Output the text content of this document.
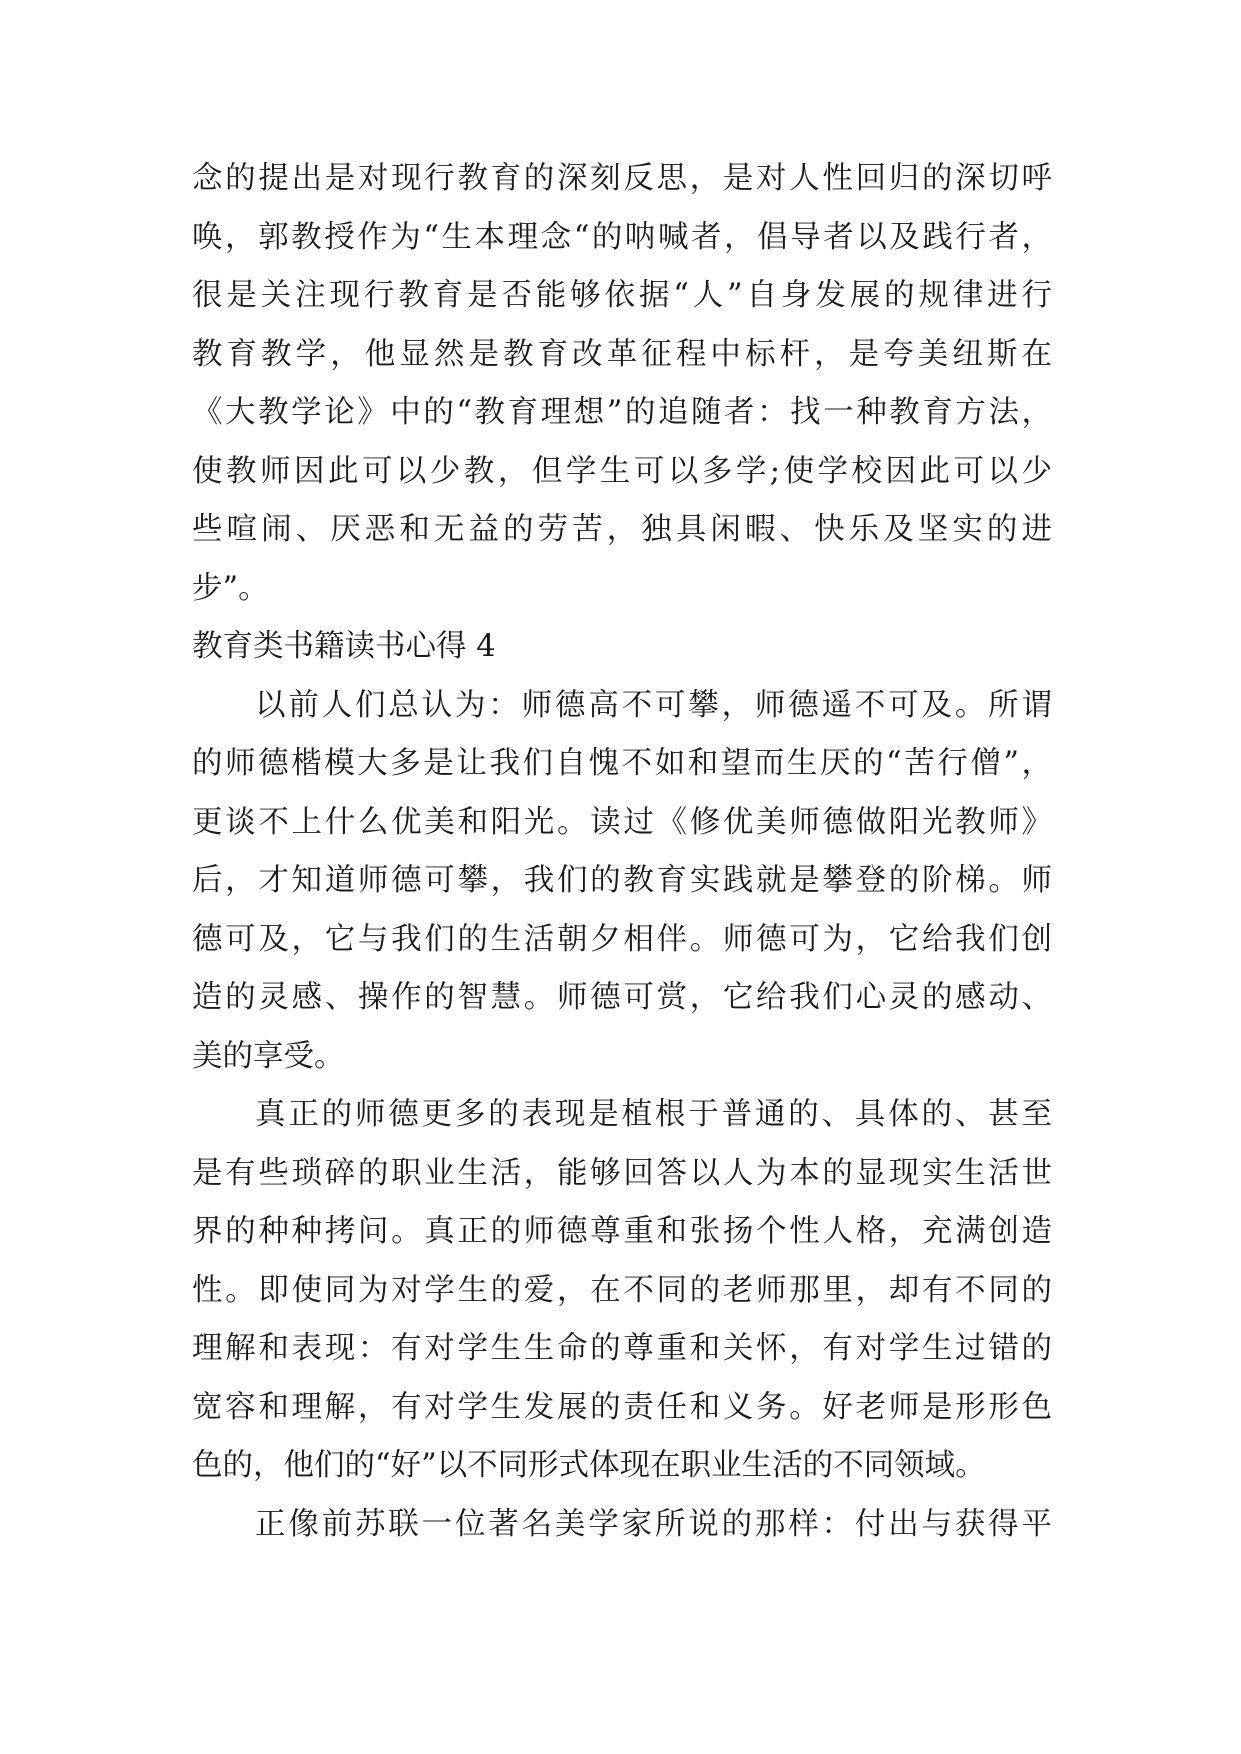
念的提出是对现行教育的深刻反思，是对人性回归的深切呼
唤，郭教授作为“生本理念“的呐喊者，倡导者以及践行者，
很是关注现行教育是否能够依据“人”自身发展的规律进行
教育教学，他显然是教育改革征程中标杆，是夸美纽斯在
《大教学论》中的“教育理想”的追随者：找一种教育方法，
使教师因此可以少教，但学生可以多学;使学校因此可以少
些喧闹、厌恶和无益的劳苦，独具闲暇、快乐及坚实的进
步”。
教育类书籍读书心得 4
以前人们总认为：师德高不可攀，师德遥不可及。所谓
的师德楷模大多是让我们自愧不如和望而生厌的“苦行僧”，
更谈不上什么优美和阳光。读过《修优美师德做阳光教师》
后，才知道师德可攀，我们的教育实践就是攀登的阶梯。师
德可及，它与我们的生活朝夕相伴。师德可为，它给我们创
造的灵感、操作的智慧。师德可赏，它给我们心灵的感动、
美的享受。
真正的师德更多的表现是植根于普通的、具体的、甚至
是有些琐碎的职业生活，能够回答以人为本的显现实生活世
界的种种拷问。真正的师德尊重和张扬个性人格，充满创造
性。即使同为对学生的爱，在不同的老师那里，却有不同的
理解和表现：有对学生生命的尊重和关怀，有对学生过错的
宽容和理解，有对学生发展的责任和义务。好老师是形形色
色的，他们的“好”以不同形式体现在职业生活的不同领域。
正像前苏联一位著名美学家所说的那样：付出与获得平
